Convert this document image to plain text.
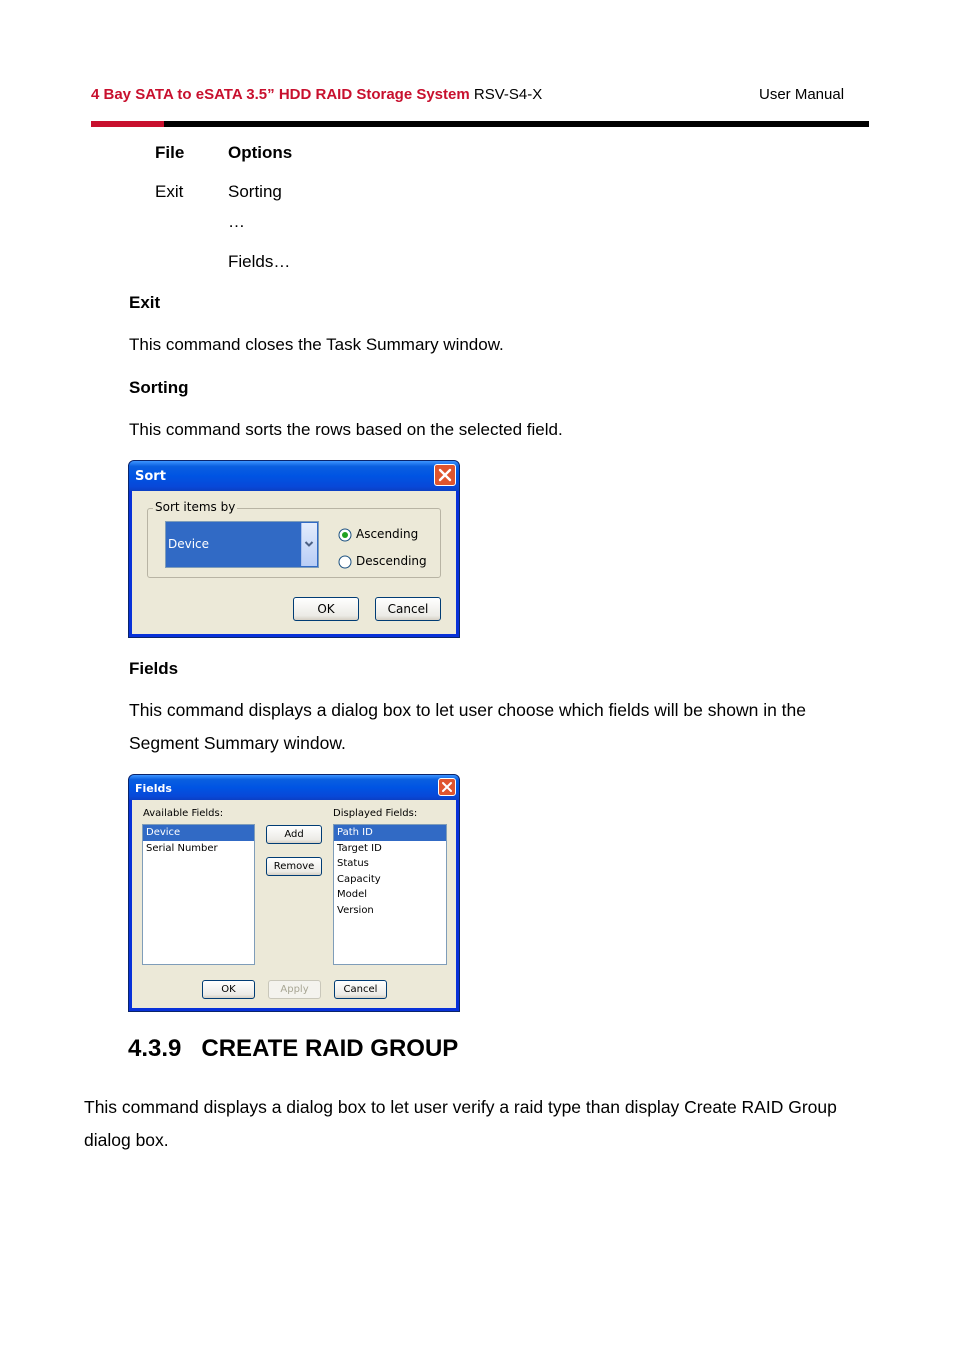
4 Bay SATA to eSATA 3.5” HDD RAID Storage System RSV-S4-X	User Manual
File	Options
Exit	Sorting
…
Fields…
Exit
This command closes the Task Summary window.
Sorting
This command sorts the rows based on the selected field.
Sort
Sort items by
Device
Ascending
Descending
OK	Cancel
Fields
This command displays a dialog box to let user choose which fields will be shown in the Segment Summary window.
Fields
Available Fields:	Displayed Fields:
Device
Serial Number
Add
Remove
Path ID
Target ID
Status
Capacity
Model
Version
OK	Apply	Cancel
4.3.9 CREATE RAID GROUP
This command displays a dialog box to let user verify a raid type than display Create RAID Group dialog box.
